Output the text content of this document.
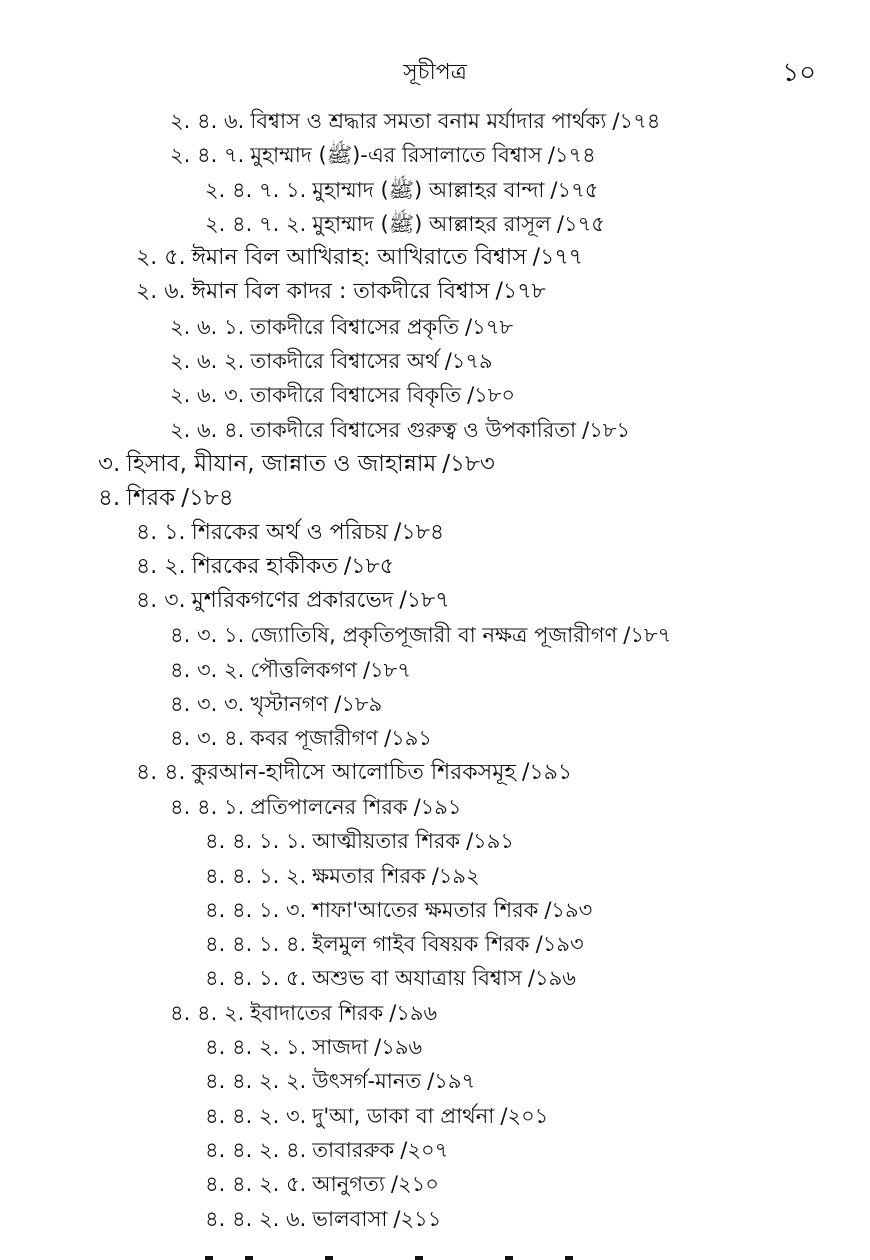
সূচীপত্র	১০
২. ৪. ৬. বিশ্বাস ও শ্রদ্ধার সমতা বনাম মর্যাদার পার্থক্য /১৭৪
২. ৪. ৭. মুহাম্মাদ (ﷺ)-এর রিসালাতে বিশ্বাস /১৭৪
২. ৪. ৭. ১. মুহাম্মাদ (ﷺ) আল্লাহর বান্দা /১৭৫
২. ৪. ৭. ২. মুহাম্মাদ (ﷺ) আল্লাহর রাসূল /১৭৫
২. ৫. ঈমান বিল আখিরাহ: আখিরাতে বিশ্বাস /১৭৭
২. ৬. ঈমান বিল কাদর : তাকদীরে বিশ্বাস /১৭৮
২. ৬. ১. তাকদীরে বিশ্বাসের প্রকৃতি /১৭৮
২. ৬. ২. তাকদীরে বিশ্বাসের অর্থ /১৭৯
২. ৬. ৩. তাকদীরে বিশ্বাসের বিকৃতি /১৮০
২. ৬. ৪. তাকদীরে বিশ্বাসের গুরুত্ব ও উপকারিতা /১৮১
৩. হিসাব, মীযান, জান্নাত ও জাহান্নাম /১৮৩
৪. শিরক /১৮৪
৪. ১. শিরকের অর্থ ও পরিচয় /১৮৪
৪. ২. শিরকের হাকীকত /১৮৫
৪. ৩. মুশরিকগণের প্রকারভেদ /১৮৭
৪. ৩. ১. জ্যোতিষি, প্রকৃতিপূজারী বা নক্ষত্র পূজারীগণ /১৮৭
৪. ৩. ২. পৌত্তলিকগণ /১৮৭
৪. ৩. ৩. খৃস্টানগণ /১৮৯
৪. ৩. ৪. কবর পূজারীগণ /১৯১
৪. ৪. কুরআন-হাদীসে আলোচিত শিরকসমূহ /১৯১
৪. ৪. ১. প্রতিপালনের শিরক /১৯১
৪. ৪. ১. ১. আত্মীয়তার শিরক /১৯১
৪. ৪. ১. ২. ক্ষমতার শিরক /১৯২
৪. ৪. ১. ৩. শাফা'আতের ক্ষমতার শিরক /১৯৩
৪. ৪. ১. ৪. ইলমুল গাইব বিষয়ক শিরক /১৯৩
৪. ৪. ১. ৫. অশুভ বা অযাত্রায় বিশ্বাস /১৯৬
৪. ৪. ২. ইবাদাতের শিরক /১৯৬
৪. ৪. ২. ১. সাজদা /১৯৬
৪. ৪. ২. ২. উৎসর্গ-মানত /১৯৭
৪. ৪. ২. ৩. দু'আ, ডাকা বা প্রার্থনা /২০১
৪. ৪. ২. ৪. তাবাররুক /২০৭
৪. ৪. ২. ৫. আনুগত্য /২১০
৪. ৪. ২. ৬. ভালবাসা /২১১
